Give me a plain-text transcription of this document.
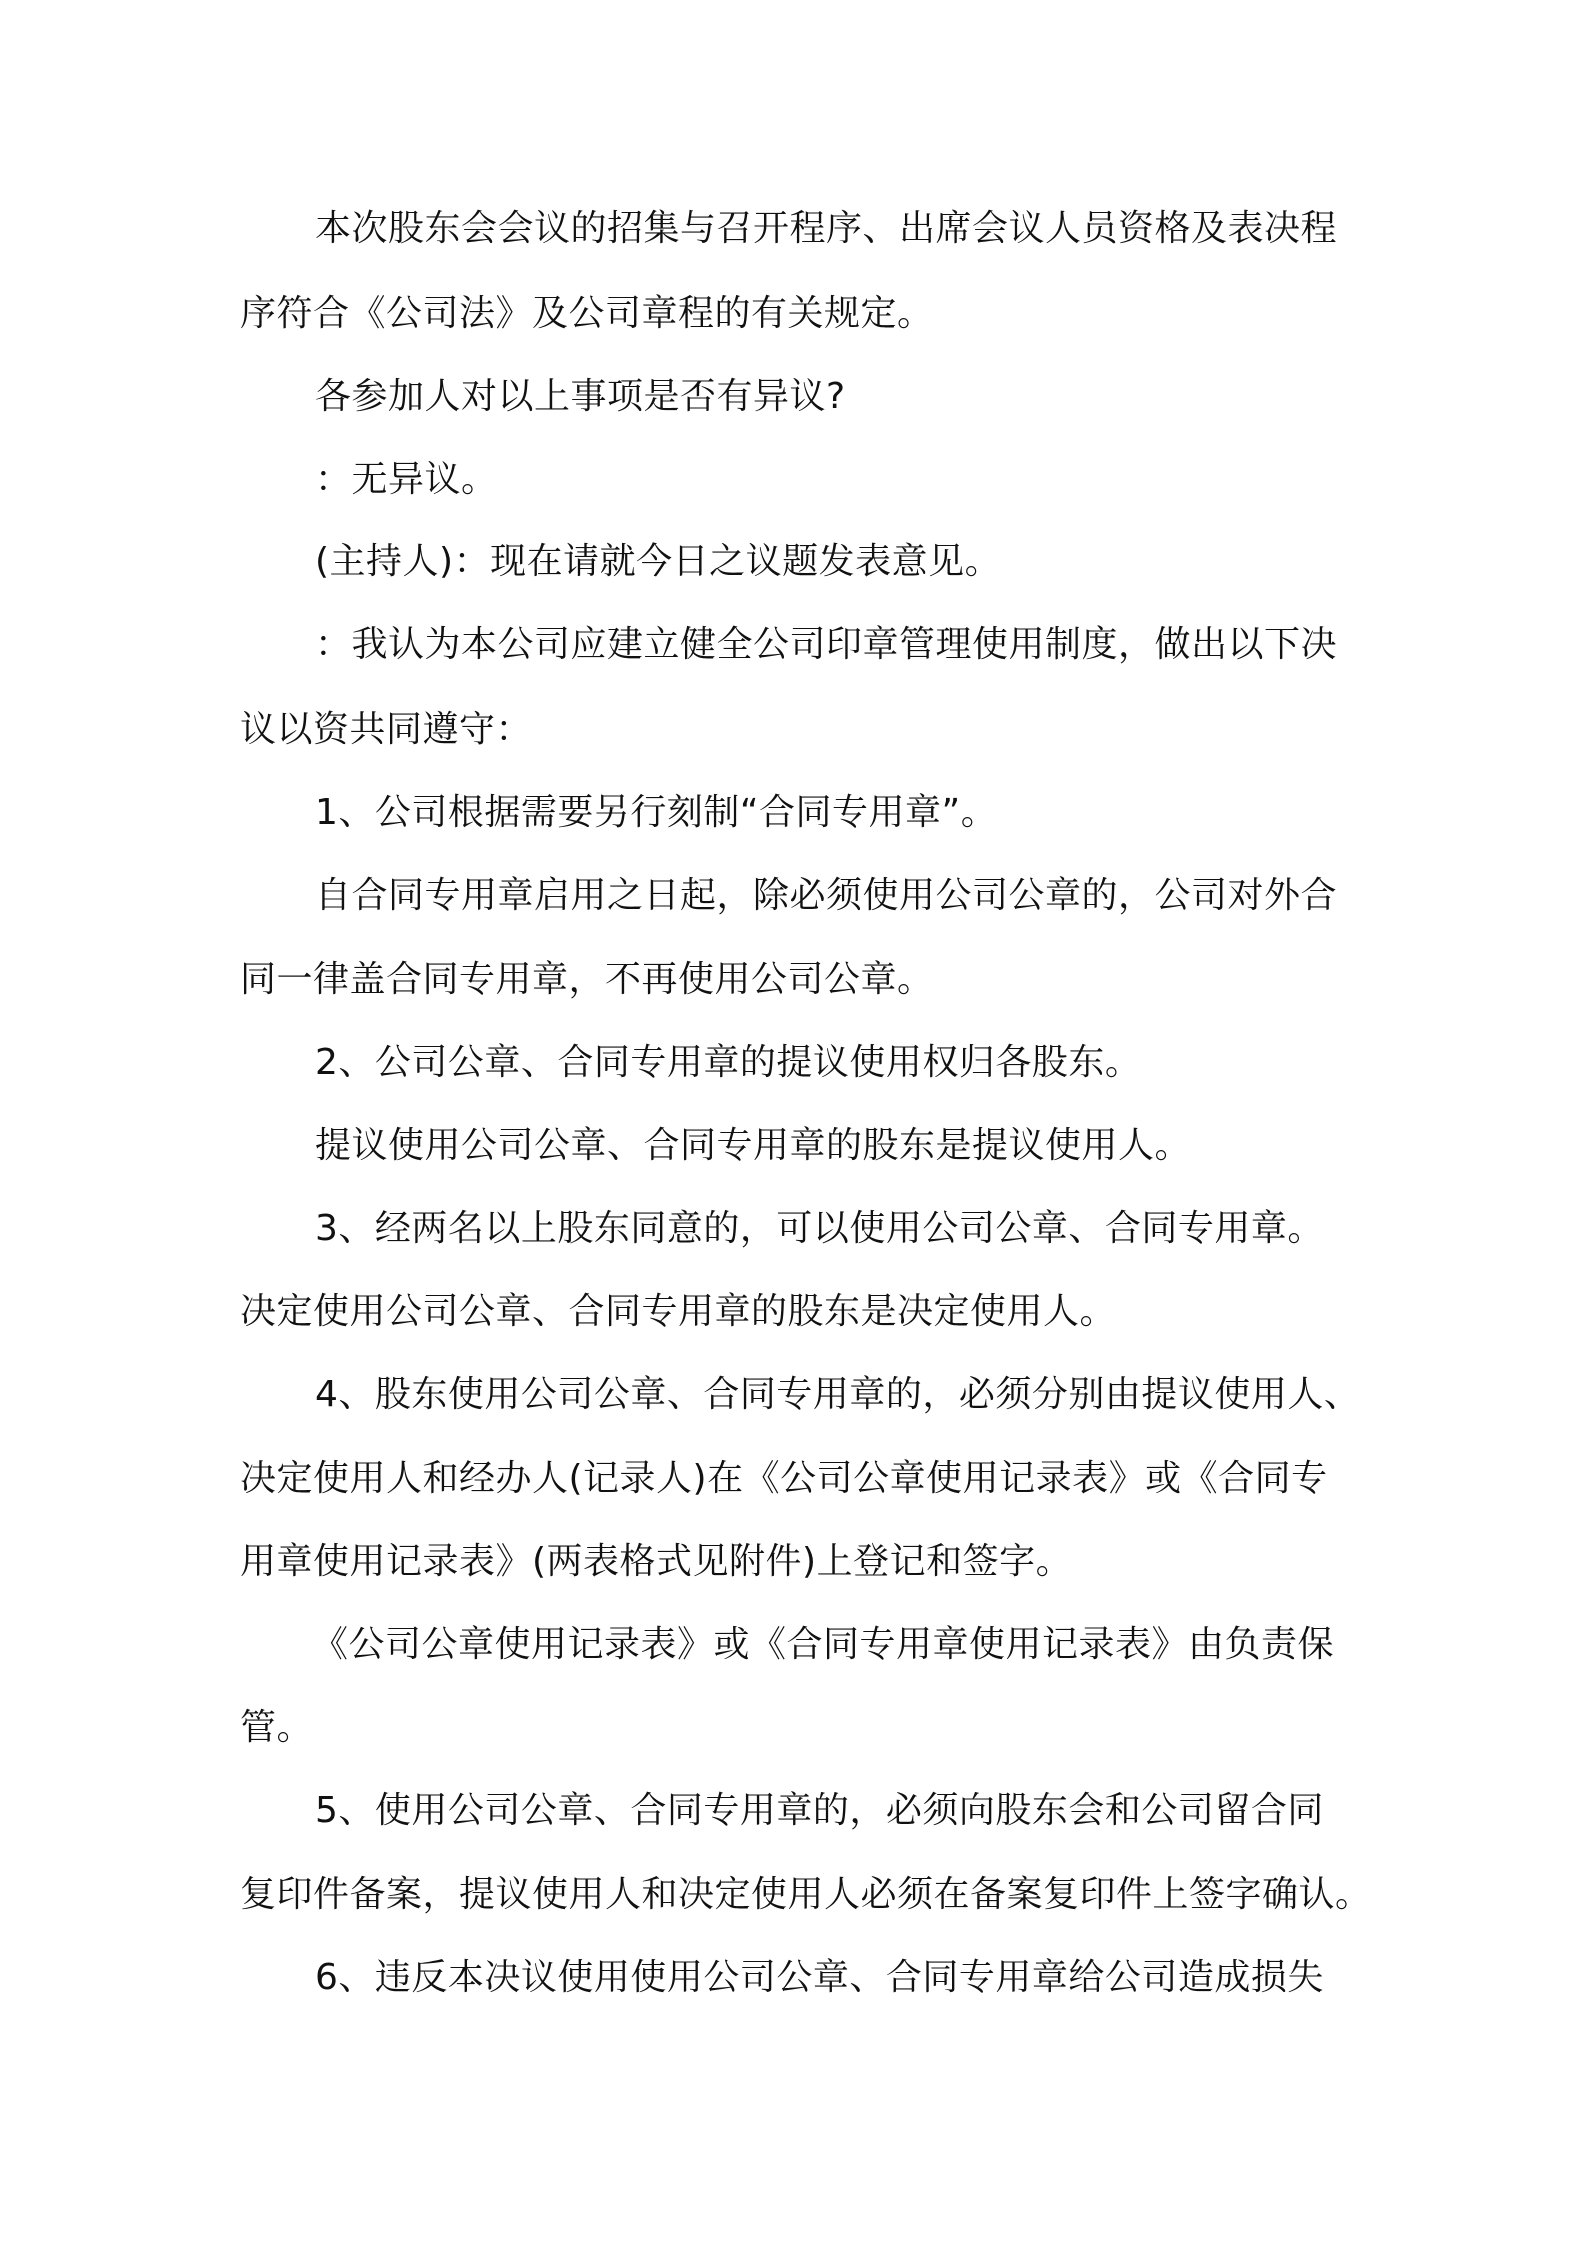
本次股东会会议的招集与召开程序、出席会议人员资格及表决程
序符合《公司法》及公司章程的有关规定。
各参加人对以上事项是否有异议?
：无异议。
(主持人)：现在请就今日之议题发表意见。
：我认为本公司应建立健全公司印章管理使用制度，做出以下决
议以资共同遵守：
1、公司根据需要另行刻制“合同专用章”。
自合同专用章启用之日起，除必须使用公司公章的，公司对外合
同一律盖合同专用章，不再使用公司公章。
2、公司公章、合同专用章的提议使用权归各股东。
提议使用公司公章、合同专用章的股东是提议使用人。
3、经两名以上股东同意的，可以使用公司公章、合同专用章。
决定使用公司公章、合同专用章的股东是决定使用人。
4、股东使用公司公章、合同专用章的，必须分别由提议使用人、
决定使用人和经办人(记录人)在《公司公章使用记录表》或《合同专
用章使用记录表》(两表格式见附件)上登记和签字。
《公司公章使用记录表》或《合同专用章使用记录表》由负责保
管。
5、使用公司公章、合同专用章的，必须向股东会和公司留合同
复印件备案，提议使用人和决定使用人必须在备案复印件上签字确认。
6、违反本决议使用使用公司公章、合同专用章给公司造成损失
